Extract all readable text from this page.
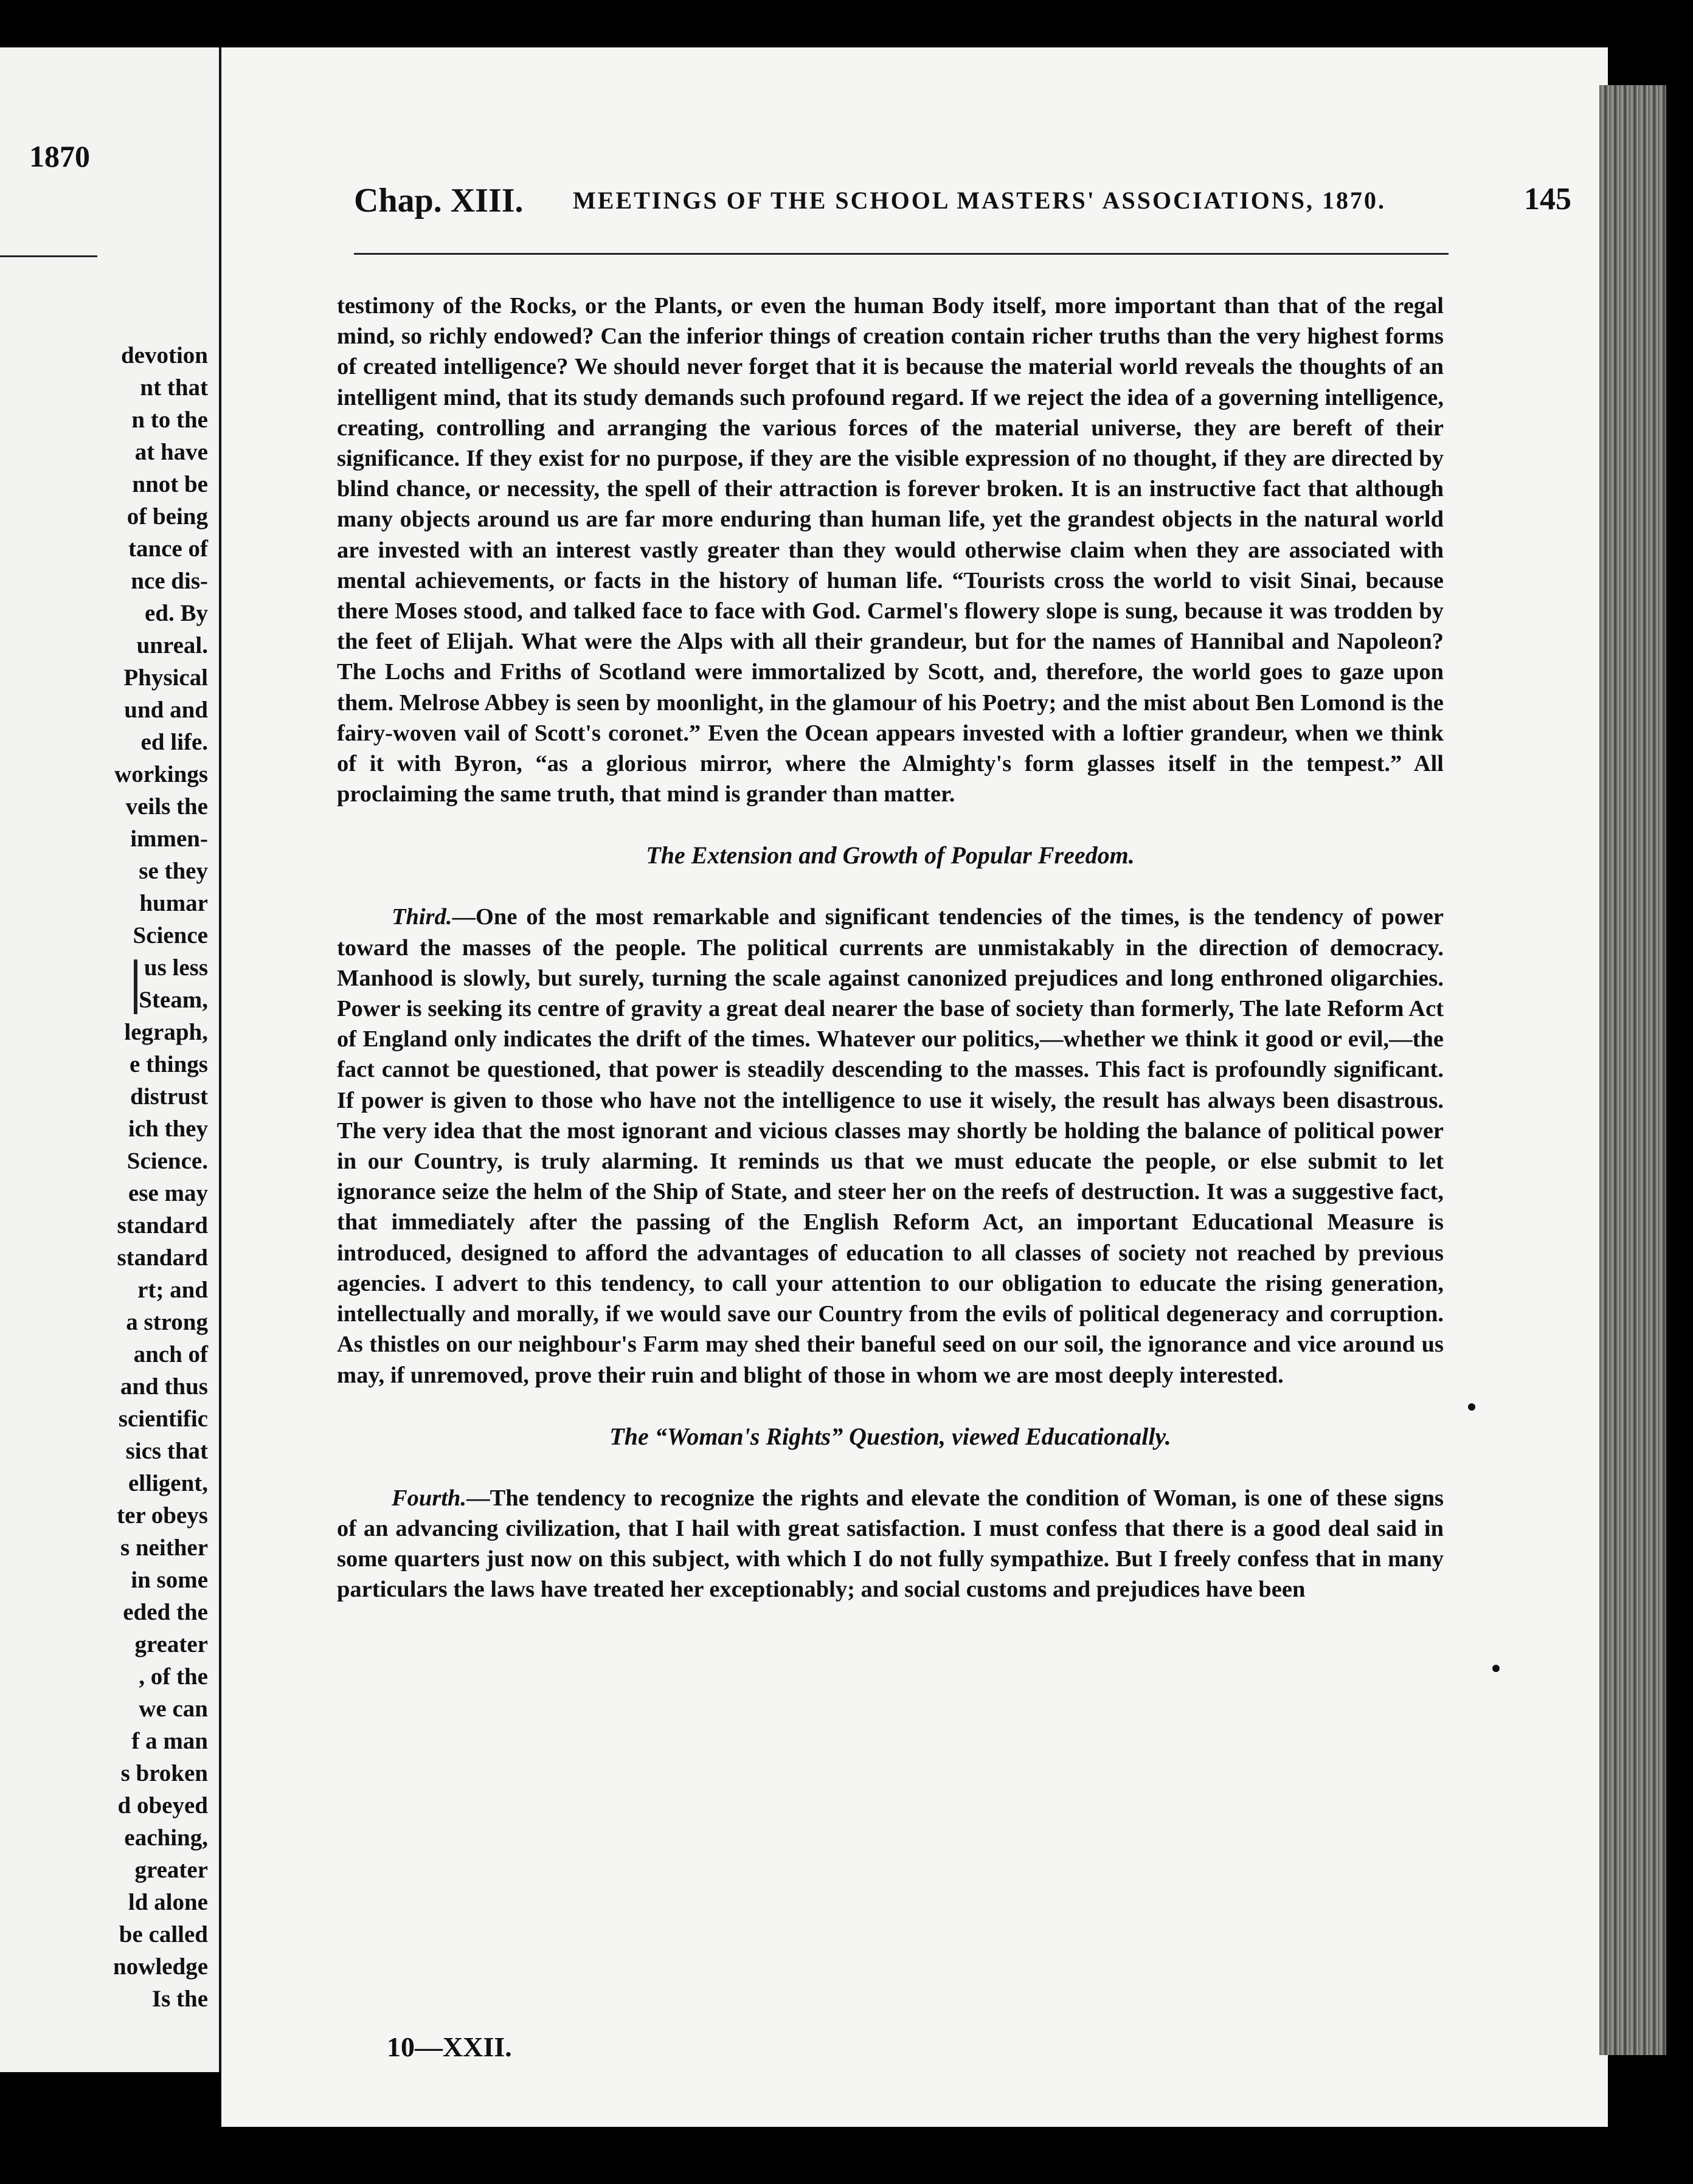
1870
devotion
nt that
n to the
at have
nnot be
of being
tance of
nce dis-
ed. By
unreal.
Physical
und and
ed life.
workings
veils the
immen-
se they
humar
Science
us less
Steam,
legraph,
e things
distrust
ich they
Science.
ese may
standard
standard
rt; and
a strong
anch of
and thus
scientific
sics that
elligent,
ter obeys
s neither
in some
eded the
greater
, of the
we can
f a man
s broken
d obeyed
eaching,
greater
ld alone
be called
nowledge
Is the
Chap. XIII. MEETINGS OF THE SCHOOL MASTERS' ASSOCIATIONS, 1870.	145

testimony of the Rocks, or the Plants, or even the human Body itself, more important than that of the regal mind, so richly endowed? Can the inferior things of creation contain richer truths than the very highest forms of created intelligence? We should never forget that it is because the material world reveals the thoughts of an intelligent mind, that its study demands such profound regard. If we reject the idea of a governing intelligence, creating, controlling and arranging the various forces of the material universe, they are bereft of their significance. If they exist for no purpose, if they are the visible expression of no thought, if they are directed by blind chance, or necessity, the spell of their attraction is forever broken. It is an instructive fact that although many objects around us are far more enduring than human life, yet the grandest objects in the natural world are invested with an interest vastly greater than they would otherwise claim when they are associated with mental achievements, or facts in the history of human life. “Tourists cross the world to visit Sinai, because there Moses stood, and talked face to face with God. Carmel's flowery slope is sung, because it was trodden by the feet of Elijah. What were the Alps with all their grandeur, but for the names of Hannibal and Napoleon? The Lochs and Friths of Scotland were immortalized by Scott, and, therefore, the world goes to gaze upon them. Melrose Abbey is seen by moonlight, in the glamour of his Poetry; and the mist about Ben Lomond is the fairy-woven vail of Scott's coronet.” Even the Ocean appears invested with a loftier grandeur, when we think of it with Byron, “as a glorious mirror, where the Almighty's form glasses itself in the tempest.” All proclaiming the same truth, that mind is grander than matter.

The Extension and Growth of Popular Freedom.

Third.—One of the most remarkable and significant tendencies of the times, is the tendency of power toward the masses of the people. The political currents are unmistakably in the direction of democracy. Manhood is slowly, but surely, turning the scale against canonized prejudices and long enthroned oligarchies. Power is seeking its centre of gravity a great deal nearer the base of society than formerly, The late Reform Act of England only indicates the drift of the times. Whatever our politics,—whether we think it good or evil,—the fact cannot be questioned, that power is steadily descending to the masses. This fact is profoundly significant. If power is given to those who have not the intelligence to use it wisely, the result has always been disastrous. The very idea that the most ignorant and vicious classes may shortly be holding the balance of political power in our Country, is truly alarming. It reminds us that we must educate the people, or else submit to let ignorance seize the helm of the Ship of State, and steer her on the reefs of destruction. It was a suggestive fact, that immediately after the passing of the English Reform Act, an important Educational Measure is introduced, designed to afford the advantages of education to all classes of society not reached by previous agencies. I advert to this tendency, to call your attention to our obligation to educate the rising generation, intellectually and morally, if we would save our Country from the evils of political degeneracy and corruption. As thistles on our neighbour's Farm may shed their baneful seed on our soil, the ignorance and vice around us may, if unremoved, prove their ruin and blight of those in whom we are most deeply interested.

The “Woman's Rights” Question, viewed Educationally.

Fourth.—The tendency to recognize the rights and elevate the condition of Woman, is one of these signs of an advancing civilization, that I hail with great satisfaction. I must confess that there is a good deal said in some quarters just now on this subject, with which I do not fully sympathize. But I freely confess that in many particulars the laws have treated her exceptionably; and social customs and prejudices have been

10—XXII.
